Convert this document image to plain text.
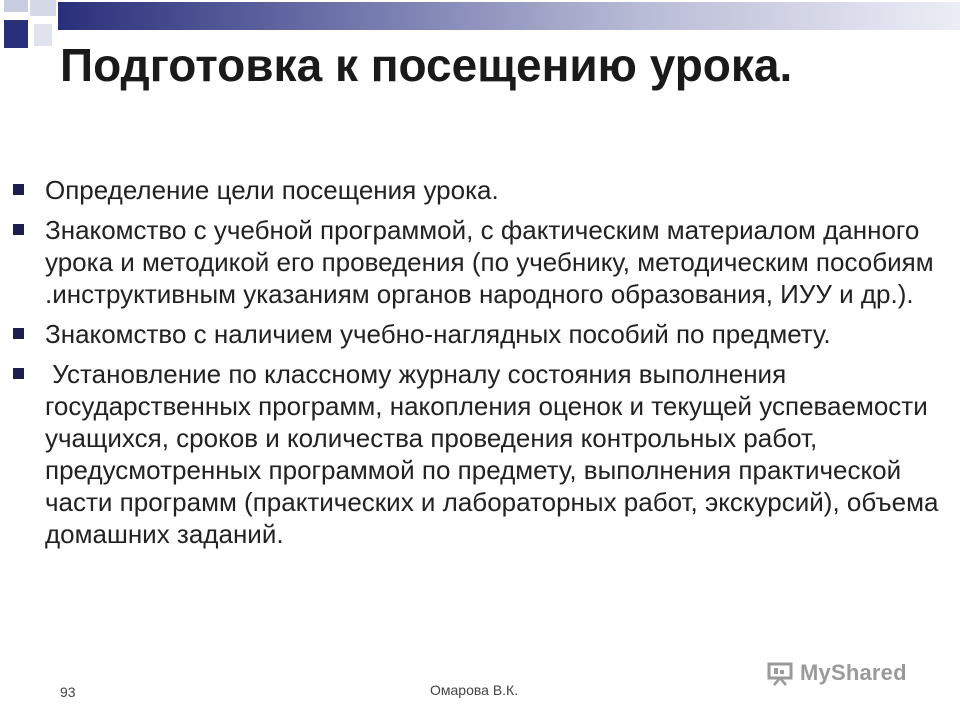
Подготовка к посещению урока.
Определение цели посещения урока.
Знакомство с учебной программой, с фактическим материалом данного урока и методикой его проведения (по учебнику, методическим пособиям .инструктивным указаниям органов народного образования, ИУУ и др.).
Знакомство с наличием учебно-наглядных пособий по предмету.
Установление по классному журналу состояния выполнения государственных программ, накопления оценок и текущей успеваемости учащихся, сроков и количества проведения контрольных работ, предусмотренных программой по предмету, выполнения практической части программ (практических и лабораторных работ, экскурсий), объема домашних заданий.
93	Омарова В.К.
MyShared
